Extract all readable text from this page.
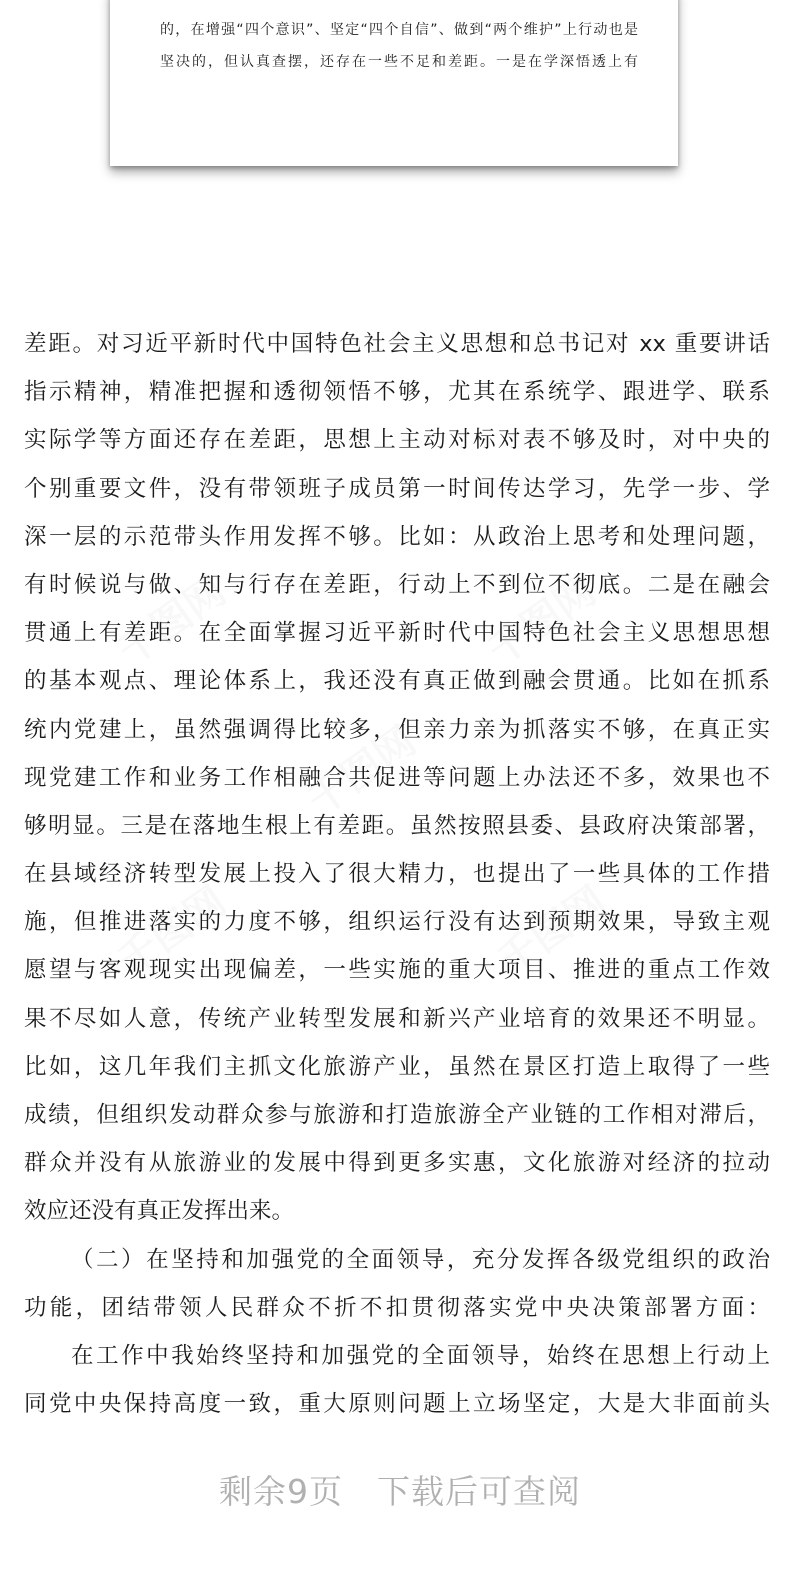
的，在增强“四个意识”、坚定“四个自信”、做到“两个维护”上行动也是
坚决的，但认真查摆，还存在一些不足和差距。一是在学深悟透上有
千图网	千图网
千图网
千图网	千图网
差距。对习近平新时代中国特色社会主义思想和总书记对 xx 重要讲话
指示精神，精准把握和透彻领悟不够，尤其在系统学、跟进学、联系
实际学等方面还存在差距，思想上主动对标对表不够及时，对中央的
个别重要文件，没有带领班子成员第一时间传达学习，先学一步、学
深一层的示范带头作用发挥不够。比如：从政治上思考和处理问题，
有时候说与做、知与行存在差距，行动上不到位不彻底。二是在融会
贯通上有差距。在全面掌握习近平新时代中国特色社会主义思想思想
的基本观点、理论体系上，我还没有真正做到融会贯通。比如在抓系
统内党建上，虽然强调得比较多，但亲力亲为抓落实不够，在真正实
现党建工作和业务工作相融合共促进等问题上办法还不多，效果也不
够明显。三是在落地生根上有差距。虽然按照县委、县政府决策部署，
在县域经济转型发展上投入了很大精力，也提出了一些具体的工作措
施，但推进落实的力度不够，组织运行没有达到预期效果，导致主观
愿望与客观现实出现偏差，一些实施的重大项目、推进的重点工作效
果不尽如人意，传统产业转型发展和新兴产业培育的效果还不明显。
比如，这几年我们主抓文化旅游产业，虽然在景区打造上取得了一些
成绩，但组织发动群众参与旅游和打造旅游全产业链的工作相对滞后，
群众并没有从旅游业的发展中得到更多实惠，文化旅游对经济的拉动
效应还没有真正发挥出来。
（二）在坚持和加强党的全面领导，充分发挥各级党组织的政治
功能，团结带领人民群众不折不扣贯彻落实党中央决策部署方面：
在工作中我始终坚持和加强党的全面领导，始终在思想上行动上
同党中央保持高度一致，重大原则问题上立场坚定，大是大非面前头
剩余9页 下载后可查阅
